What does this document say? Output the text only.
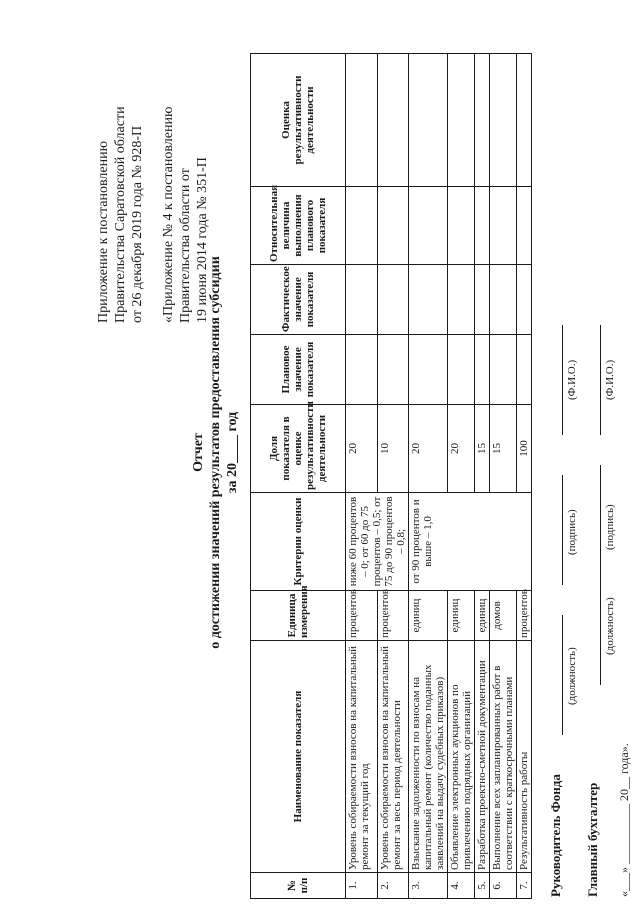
Приложение к постановлению Правительства Саратовской области от 26 декабря 2019 года № 928-П «Приложение № 4 к постановлению Правительства области от 19 июня 2014 года № 351-П

Отчет о достижении значений результатов предоставления субсидии за 20____ год
№ п/п	Наименование показателя	Единица измерения	Критерии оценки	Доля показателя в оценке результативности деятельности	Плановое значение показателя	Фактическое значение показателя	Относительная величина выполнения планового показателя	Оценка результативности деятельности
1.	Уровень собираемости взносов на капитальный ремонт за текущий год	процентов	ниже 60 процентов – 0; от 60 до 75 процентов – 0,5; от 75 до 90 процентов – 0,8;	20				
2.	Уровень собираемости взносов на капитальный ремонт за весь период деятельности	процентов		10				
3.	Взыскание задолженности по взносам на капитальный ремонт (количество поданных заявлений на выдачу судебных приказов)	единиц	от 90 процентов и выше – 1,0	20				
4.	Объявление электронных аукционов по привлечению подрядных организаций	единиц		20				
5.	Разработка проектно-сметной документации	единиц		15				
6.	Выполнение всех запланированных работ в соответствии с краткосрочными планами	домов		15				
7.	Результативность работы	процентов		100				
Руководитель Фонда
(должность)
(подпись)
(Ф.И.О.)
Главный бухгалтер
(должность)
(подпись)
(Ф.И.О.)
«___» __________ 20__ года».
